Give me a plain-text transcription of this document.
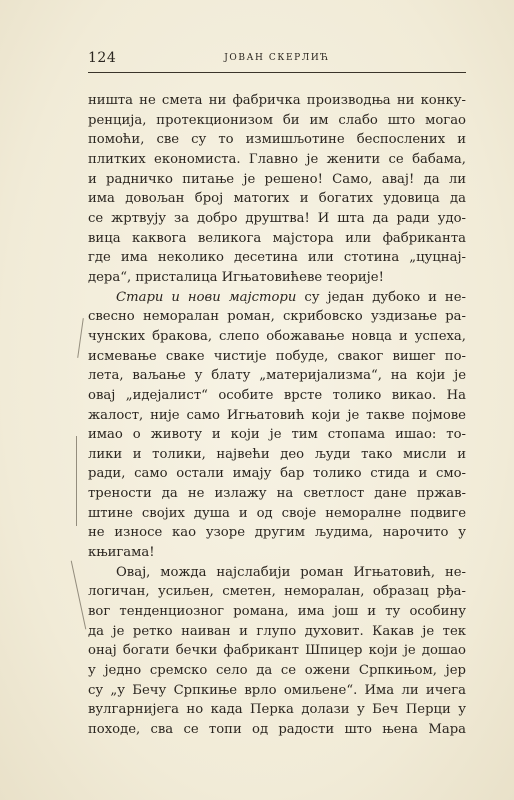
124	ЈОВАН СКЕРЛИЋ
ништа не смета ни фабричка производња ни конку-
ренција, протекционизом би им слабо што могао
помоћи, све су то измишљотине беспослених и
плитких економиста. Главно је женити се бабама,
и радничко питање је решено! Само, авај! да ли
има довољан број матorих и богатих удовица да
се жртвују за добро друштва! И шта да ради удо-
вица каквога великога мајстора или фабриканта
где има неколико десетина или стотина „цуцнај-
дера“, присталица Игњатовићеве теорије!
Стари и нови мајстори су један дубоко и не-
свесно неморалан роман, скрибовско уздизање ра-
чунских бракова, слепо обожавање новца и успеха,
исмевање сваке чистије побуде, сваког вишег по-
лета, ваљање у блату „материјализма“, на који је
овај „идејалист“ особите врсте толико викао. На
жалост, није само Игњатовић који је такве појмове
имао о животу и који је тим стопама ишао: то-
лики и толики, највећи део људи тако мисли и
ради, само остали имају бар толико стида и смо-
трености да не излажу на светлост дане пржав-
штине својих душа и од своје неморалне подвиге
не износе као узоре другим људима, нарочито у
књигама!
Овај, можда најслабији роман Игњатовић, не-
логичан, усиљен, сметен, неморалан, образац рђа-
вог тенденциозног романа, има још и ту особину
да је ретко наиван и глупо духовит. Какав је тек
онај богати бечки фабрикант Шпицер који је дошао
у једно сремско село да се ожени Српкињом, јер
су „у Бечу Српкиње врло омиљене“. Има ли ичега
вулгарнијега но када Перка долази у Беч Перци у
походе, сва се топи од радости што њена Мара
